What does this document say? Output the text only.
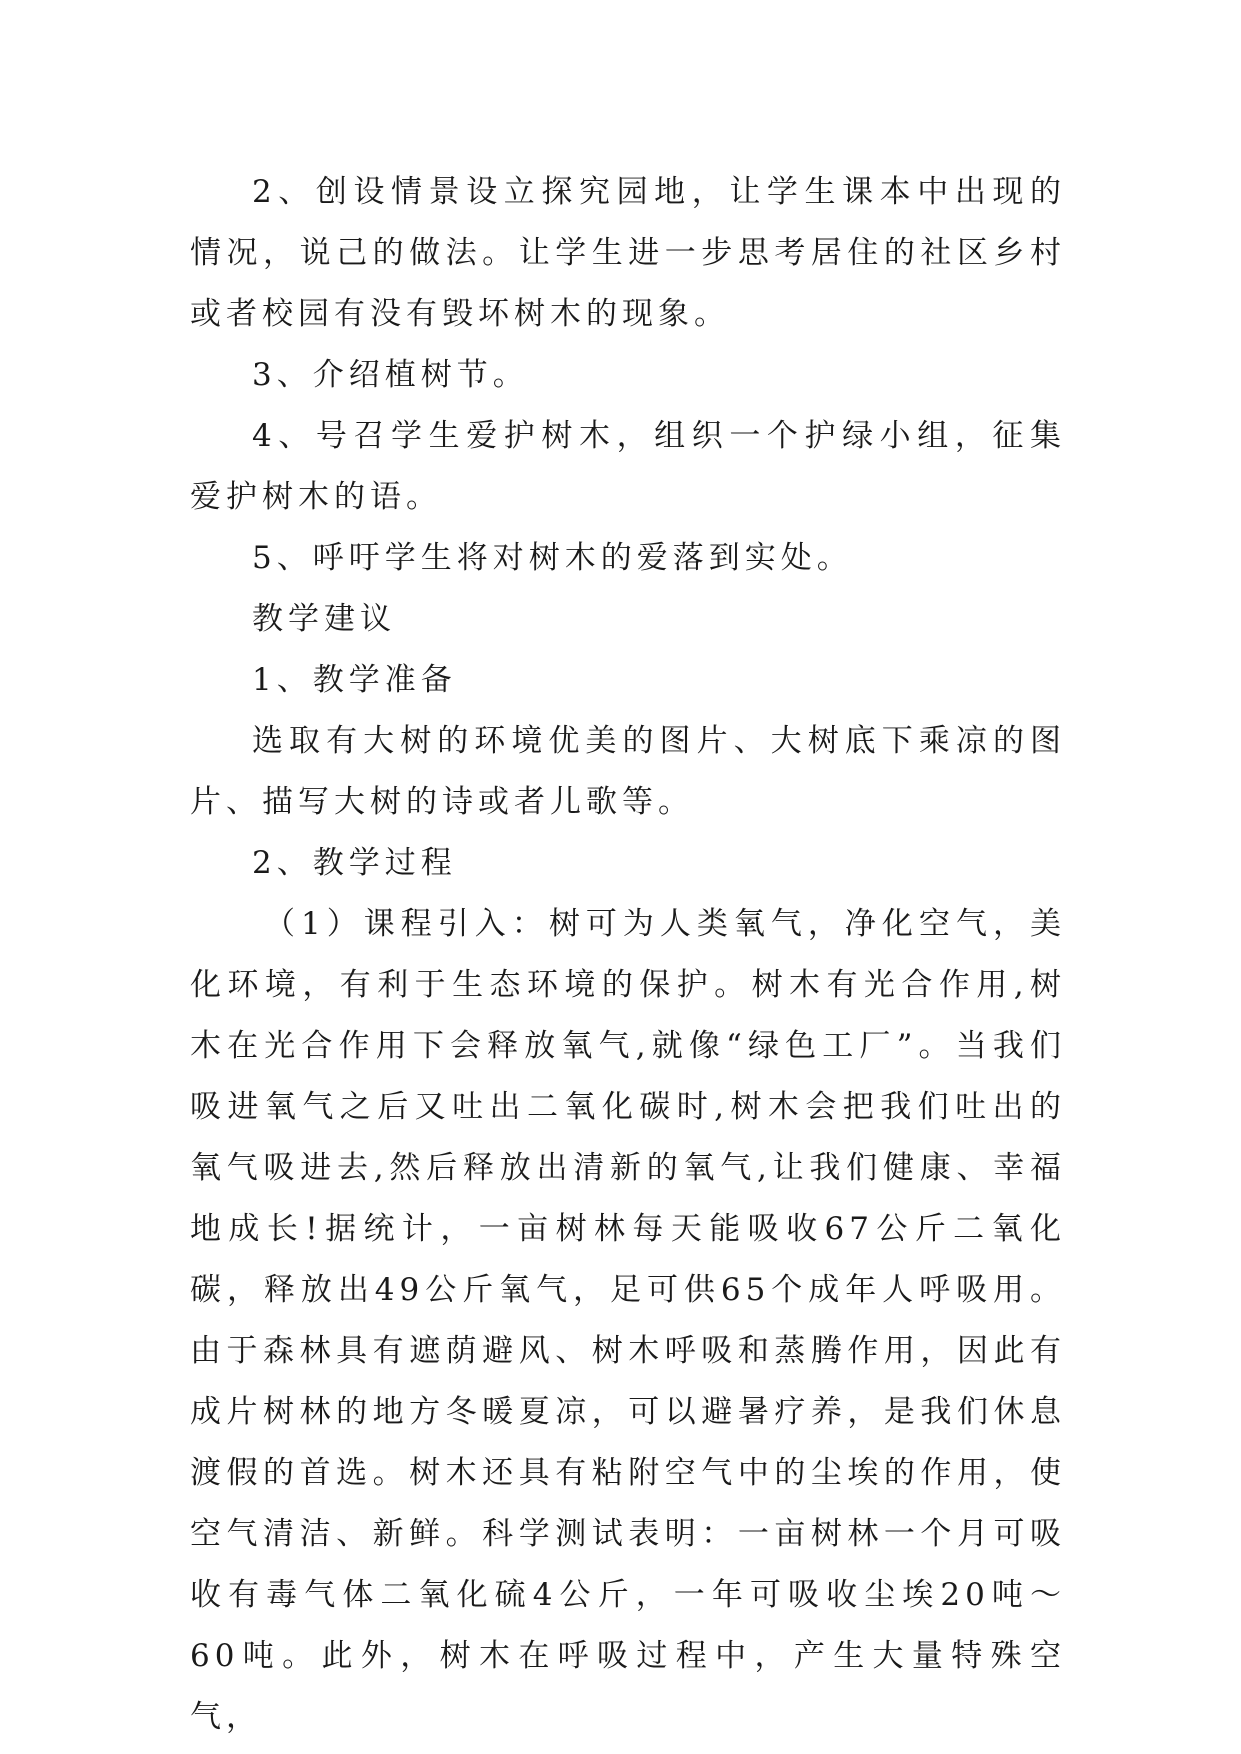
2、创设情景设立探究园地，让学生课本中出现的情况，说己的做法。让学生进一步思考居住的社区乡村或者校园有没有毁坏树木的现象。

3、介绍植树节。

4、号召学生爱护树木，组织一个护绿小组，征集爱护树木的语。

5、呼吁学生将对树木的爱落到实处。

教学建议

1、教学准备

选取有大树的环境优美的图片、大树底下乘凉的图片、描写大树的诗或者儿歌等。

2、教学过程

（1）课程引入：树可为人类氧气，净化空气，美化环境，有利于生态环境的保护。树木有光合作用,树木在光合作用下会释放氧气,就像“绿色工厂”。当我们吸进氧气之后又吐出二氧化碳时,树木会把我们吐出的氧气吸进去,然后释放出清新的氧气,让我们健康、幸福地成长!据统计，一亩树林每天能吸收67公斤二氧化碳，释放出49公斤氧气，足可供65个成年人呼吸用。由于森林具有遮荫避风、树木呼吸和蒸腾作用，因此有成片树林的地方冬暖夏凉，可以避暑疗养，是我们休息渡假的首选。树木还具有粘附空气中的尘埃的作用，使空气清洁、新鲜。科学测试表明：一亩树林一个月可吸收有毒气体二氧化硫4公斤，一年可吸收尘埃20吨～60吨。此外，树木在呼吸过程中，产生大量特殊空气，
